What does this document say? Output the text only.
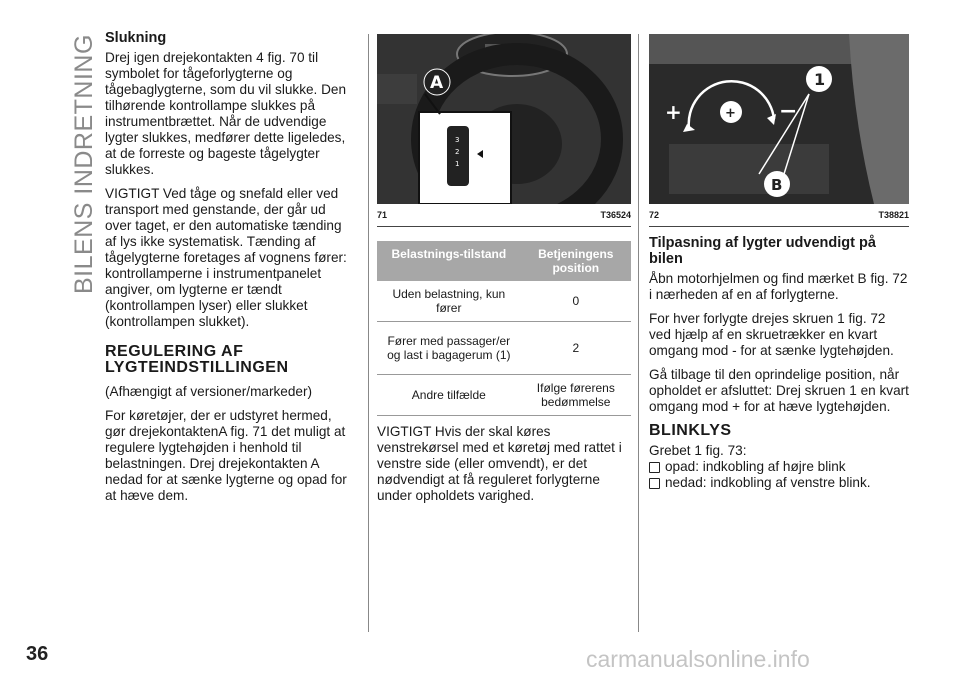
BILENS INDRETNING
36	carmanualsonline.info
Slukning

Drej igen drejekontakten 4 fig. 70 til symbolet for tågeforlygterne og tågebaglygterne, som du vil slukke. Den tilhørende kontrollampe slukkes på instrumentbrættet. Når de udvendige lygter slukkes, medfører dette ligeledes, at de forreste og bageste tågelygter slukkes.

VIGTIGT Ved tåge og snefald eller ved transport med genstande, der går ud over taget, er den automatiske tænding af lys ikke systematisk. Tænding af tågelygterne foretages af vognens fører: kontrollamperne i instrumentpanelet angiver, om lygterne er tændt (kontrollampen lyser) eller slukket (kontrollampen slukket).

REGULERING AF LYGTEINDSTILLINGEN

(Afhængigt af versioner/markeder)

For køretøjer, der er udstyret hermed, gør drejekontaktenA fig. 71 det muligt at regulere lygtehøjden i henhold til belastningen. Drej drejekontakten A nedad for at sænke lygterne og opad for at hæve dem.

3
2
1
A
71	T36524
Belastnings-tilstand	Betjeningens position
Uden belastning, kun fører	0
Fører med passager/er og last i bagagerum (1)	2
Andre tilfælde	Ifølge førerens bedømmelse

VIGTIGT Hvis der skal køres venstrekørsel med et køretøj med rattet i venstre side (eller omvendt), er det nødvendigt at få reguleret forlygterne under opholdets varighed.

+	−
+
1
B
72	T38821
Tilpasning af lygter udvendigt på bilen

Åbn motorhjelmen og find mærket B fig. 72 i nærheden af en af forlygterne.

For hver forlygte drejes skruen 1 fig. 72 ved hjælp af en skruetrækker en kvart omgang mod - for at sænke lygtehøjden.

Gå tilbage til den oprindelige position, når opholdet er afsluttet: Drej skruen 1 en kvart omgang mod + for at hæve lygtehøjden.

BLINKLYS

Grebet 1 fig. 73:

opad: indkobling af højre blink
nedad: indkobling af venstre blink.
